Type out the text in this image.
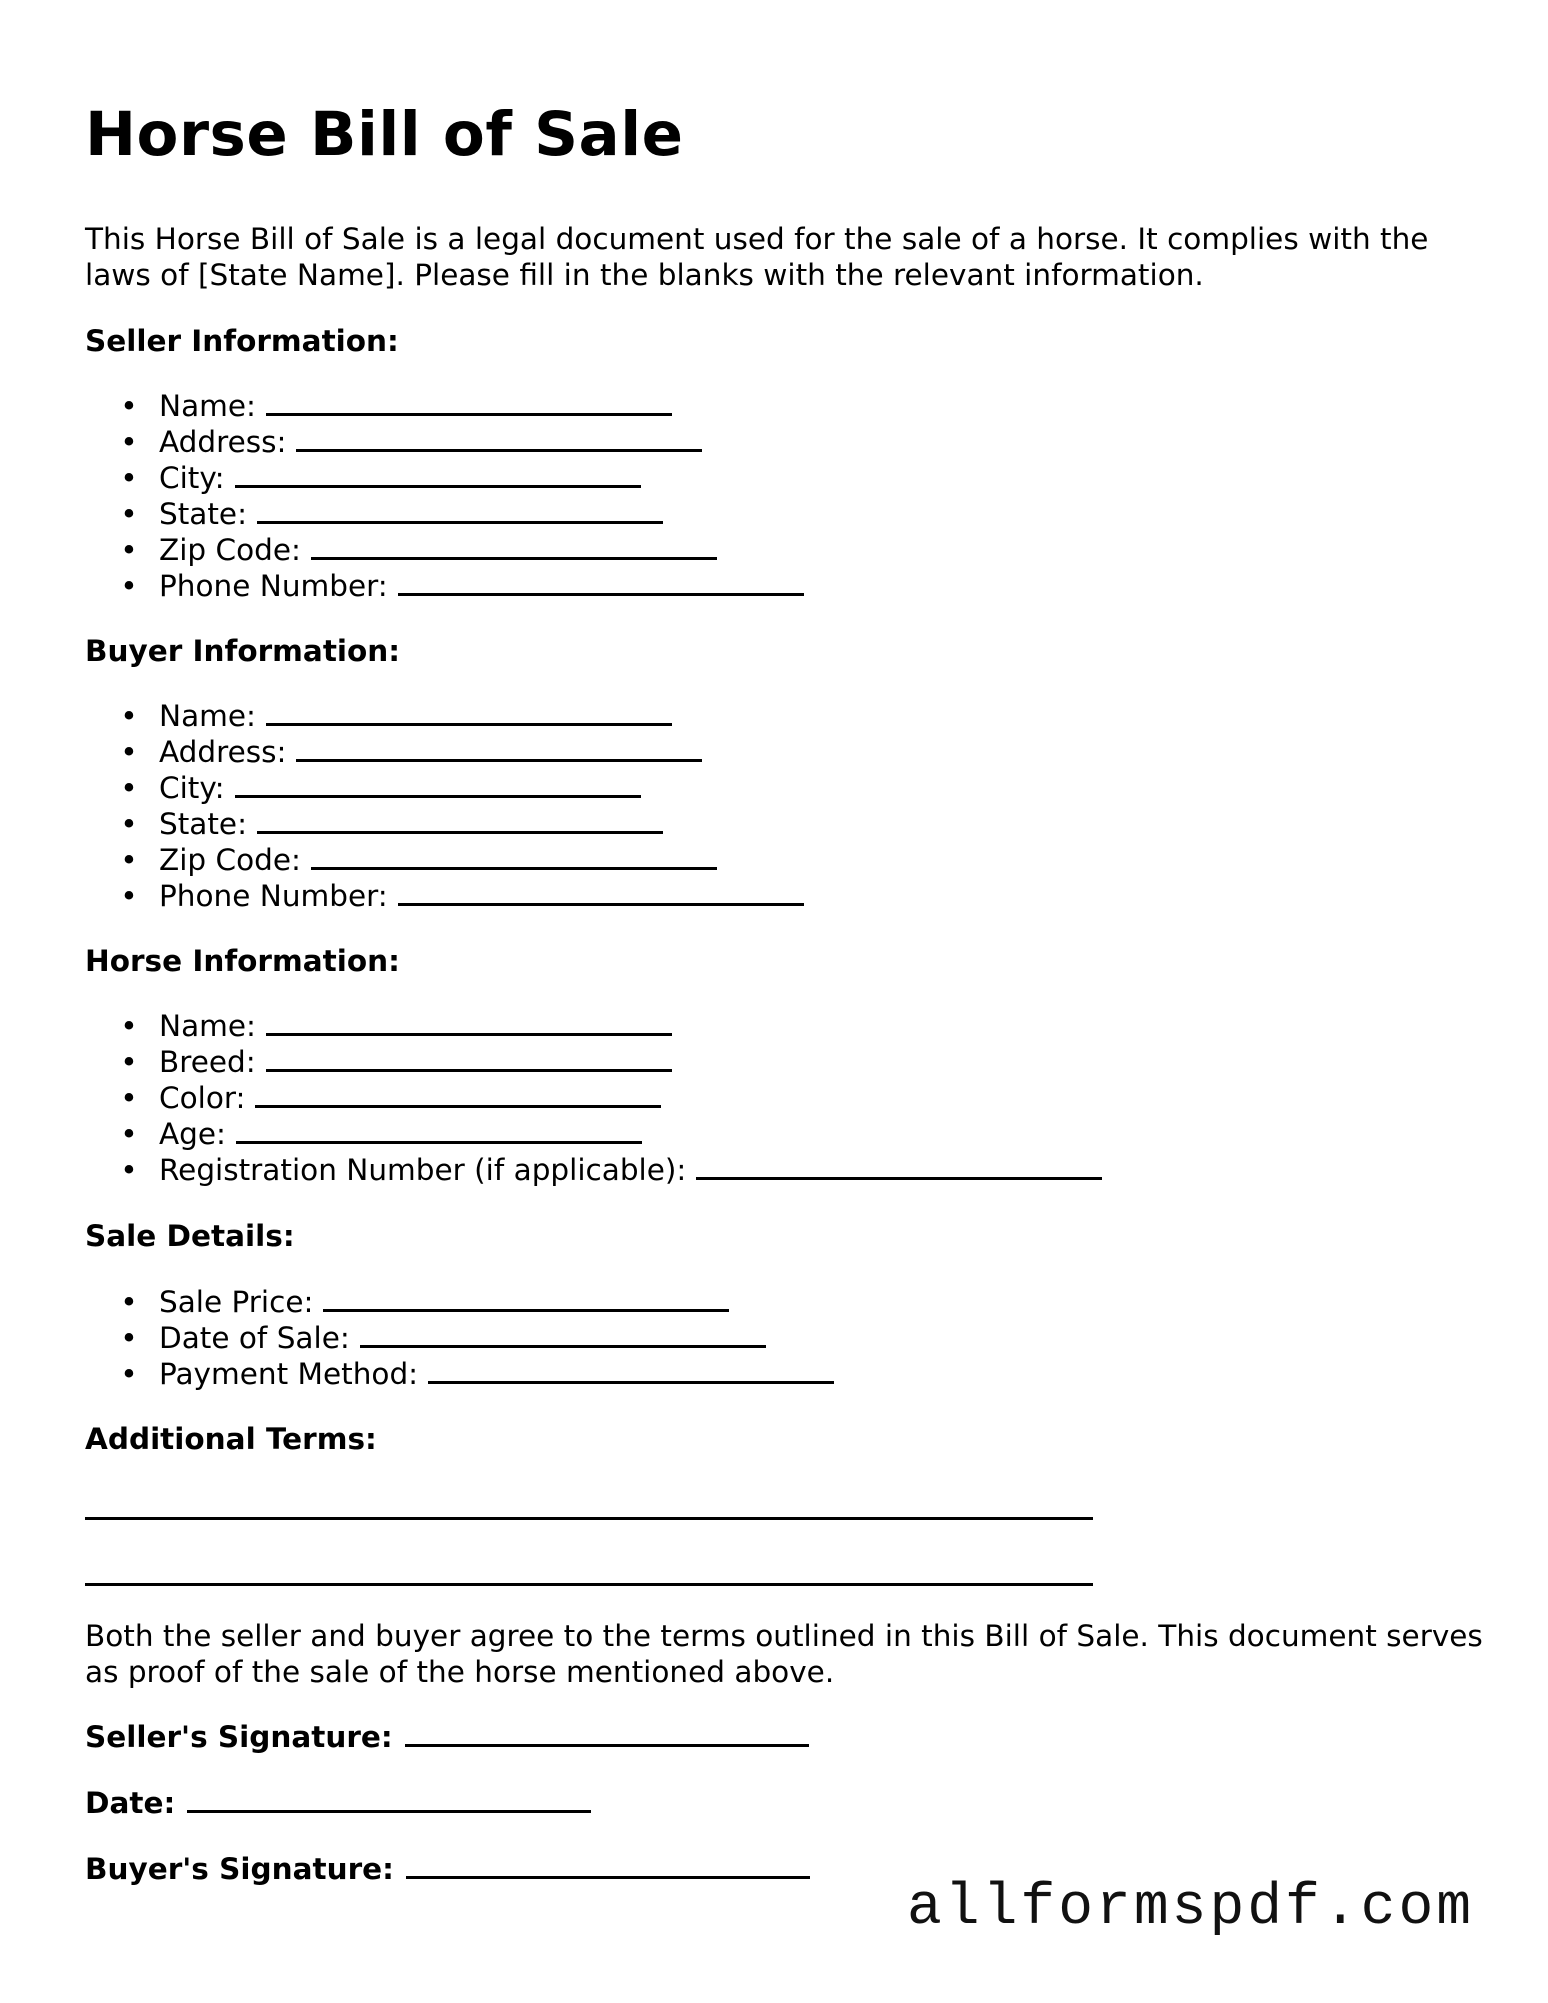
Horse Bill of Sale

This Horse Bill of Sale is a legal document used for the sale of a horse. It complies with the laws of [State Name]. Please fill in the blanks with the relevant information.

Seller Information:
• Name:
• Address:
• City:
• State:
• Zip Code:
• Phone Number:
Buyer Information:
• Name:
• Address:
• City:
• State:
• Zip Code:
• Phone Number:
Horse Information:
• Name:
• Breed:
• Color:
• Age:
• Registration Number (if applicable):
Sale Details:
• Sale Price:
• Date of Sale:
• Payment Method:
Additional Terms:

Both the seller and buyer agree to the terms outlined in this Bill of Sale. This document serves as proof of the sale of the horse mentioned above.

Seller's Signature:
Date:
Buyer's Signature:
allformspdf.com
